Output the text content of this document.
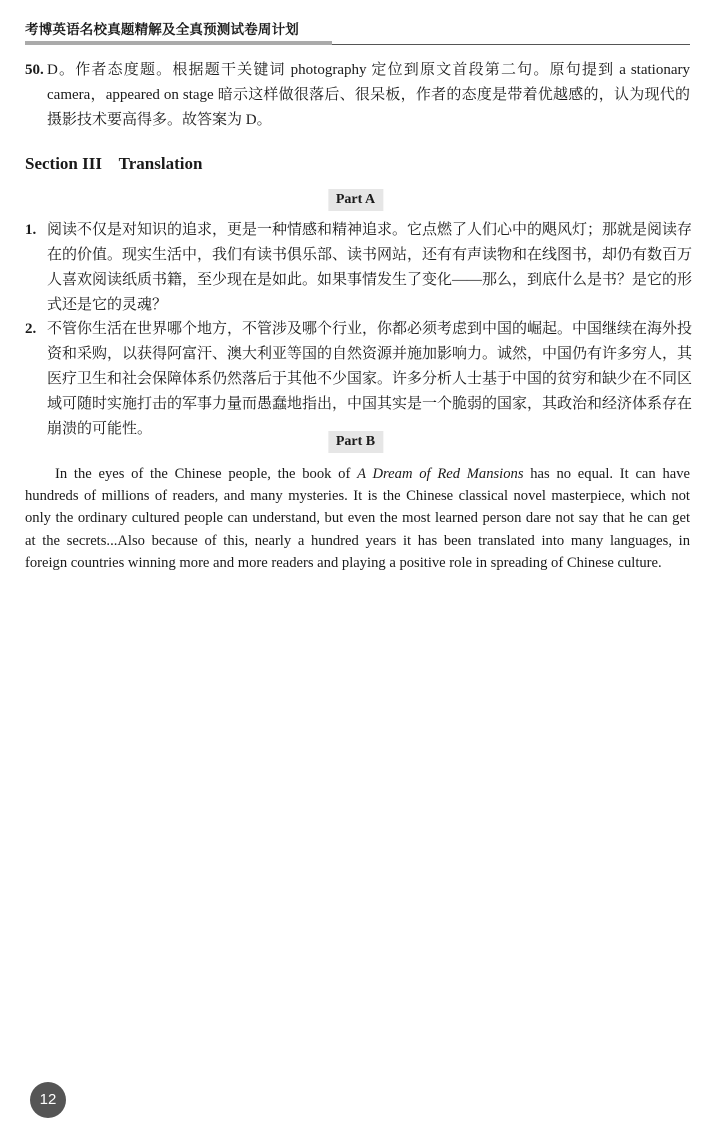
考博英语名校真题精解及全真预测试卷周计划
50. D。作者态度题。根据题干关键词 photography 定位到原文首段第二句。原句提到 a stationary
camera，appeared on stage 暗示这样做很落后、很呆板，作者的态度是带着优越感的，认为现代的
摄影技术要高得多。故答案为 D。
Section III    Translation
Part A
1. 阅读不仅是对知识的追求，更是一种情感和精神追求。它点燃了人们心中的飓风灯；那就是阅读存
在的价值。现实生活中，我们有读书俱乐部、读书网站，还有有声读物和在线图书，却仍有数百万
人喜欢阅读纸质书籍，至少现在是如此。如果事情发生了变化——那么，到底什么是书？是它的形
式还是它的灵魂？
2. 不管你生活在世界哪个地方，不管涉及哪个行业，你都必须考虑到中国的崛起。中国继续在海外投
资和采购，以获得阿富汗、澳大利亚等国的自然资源并施加影响力。诚然，中国仍有许多穷人，其
医疗卫生和社会保障体系仍然落后于其他不少国家。许多分析人士基于中国的贫穷和缺少在不同区
域可随时实施打击的军事力量而愚蠢地指出，中国其实是一个脆弱的国家，其政治和经济体系存在
崩溃的可能性。
Part B
In the eyes of the Chinese people, the book of A Dream of Red Mansions has no equal. It can have
hundreds of millions of readers, and many mysteries. It is the Chinese classical novel masterpiece, which not
only the ordinary cultured people can understand, but even the most learned person dare not say that he can get
at the secrets...Also because of this, nearly a hundred years it has been translated into many languages, in
foreign countries winning more and more readers and playing a positive role in spreading of Chinese culture.
12
